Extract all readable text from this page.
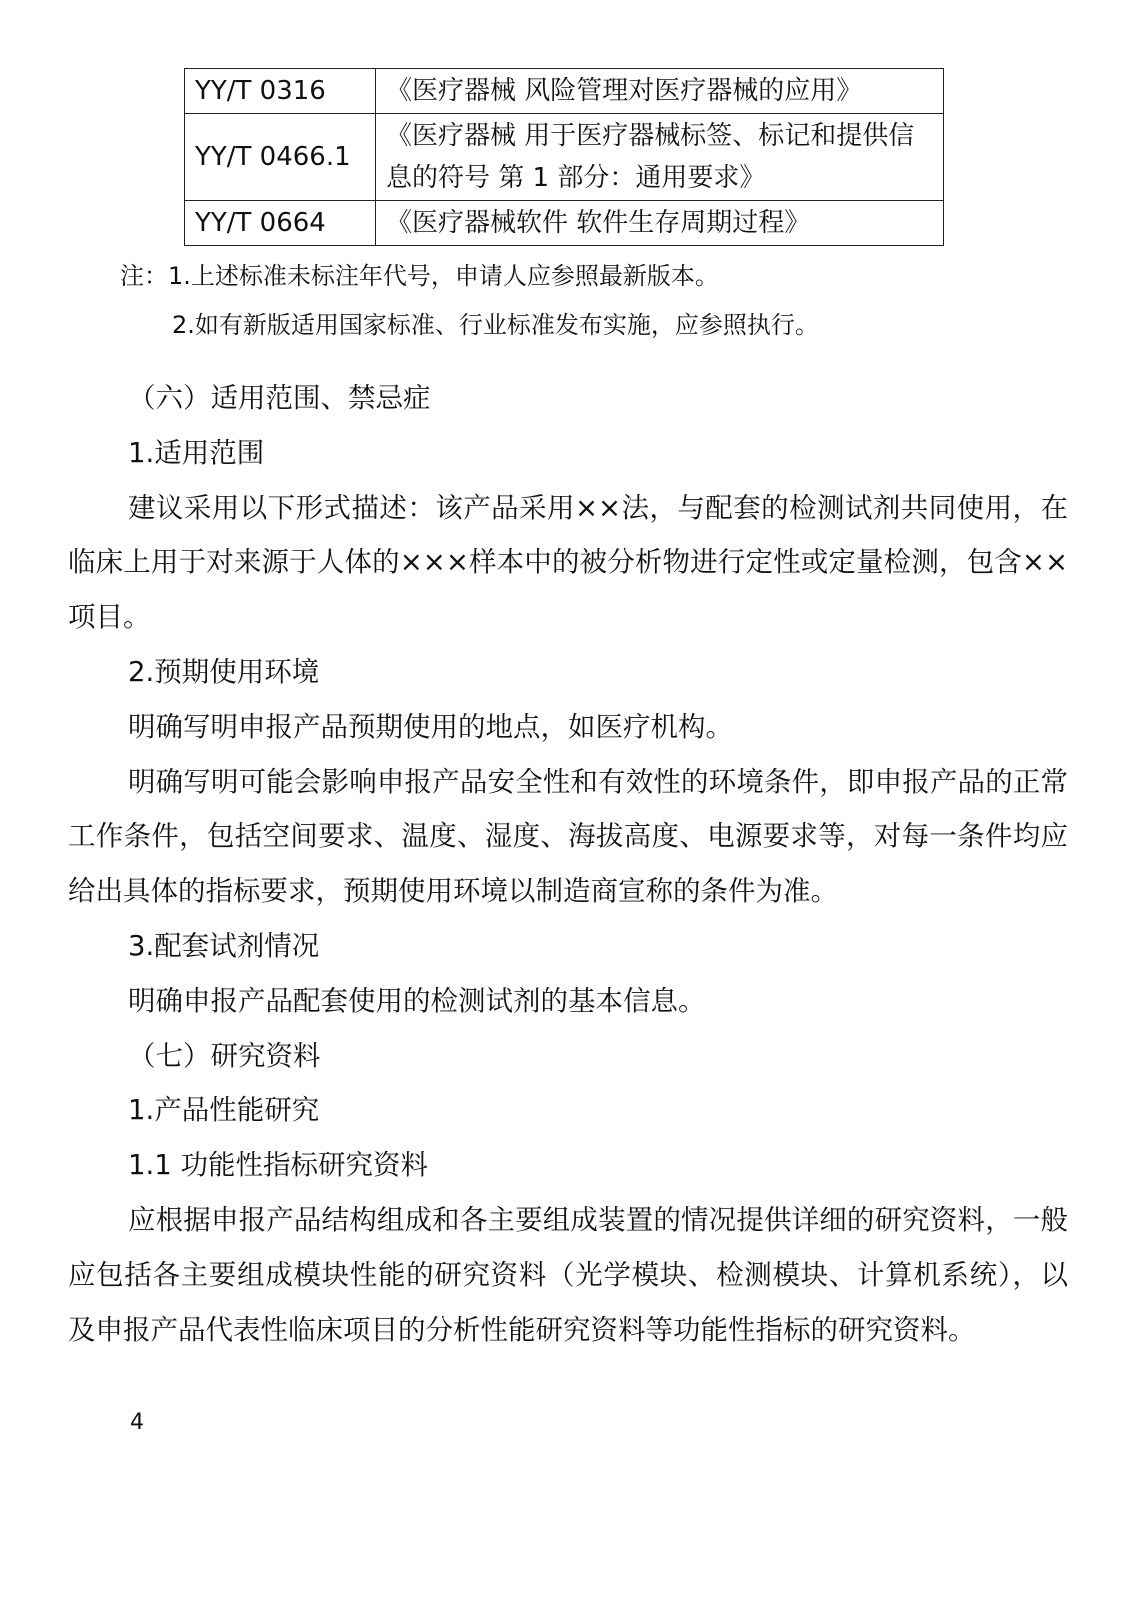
YY/T 0316	《医疗器械 风险管理对医疗器械的应用》
YY/T 0466.1	《医疗器械 用于医疗器械标签、标记和提供信息的符号 第 1 部分：通用要求》
YY/T 0664	《医疗器械软件 软件生存周期过程》
注：1.上述标准未标注年代号，申请人应参照最新版本。
2.如有新版适用国家标准、行业标准发布实施，应参照执行。

（六）适用范围、禁忌症

1.适用范围

建议采用以下形式描述：该产品采用××法，与配套的检测试剂共同使用，在临床上用于对来源于人体的×××样本中的被分析物进行定性或定量检测，包含××项目。

2.预期使用环境

明确写明申报产品预期使用的地点，如医疗机构。

明确写明可能会影响申报产品安全性和有效性的环境条件，即申报产品的正常工作条件，包括空间要求、温度、湿度、海拔高度、电源要求等，对每一条件均应给出具体的指标要求，预期使用环境以制造商宣称的条件为准。

3.配套试剂情况

明确申报产品配套使用的检测试剂的基本信息。

（七）研究资料

1.产品性能研究

1.1 功能性指标研究资料

应根据申报产品结构组成和各主要组成装置的情况提供详细的研究资料，一般应包括各主要组成模块性能的研究资料（光学模块、检测模块、计算机系统），以及申报产品代表性临床项目的分析性能研究资料等功能性指标的研究资料。

4
